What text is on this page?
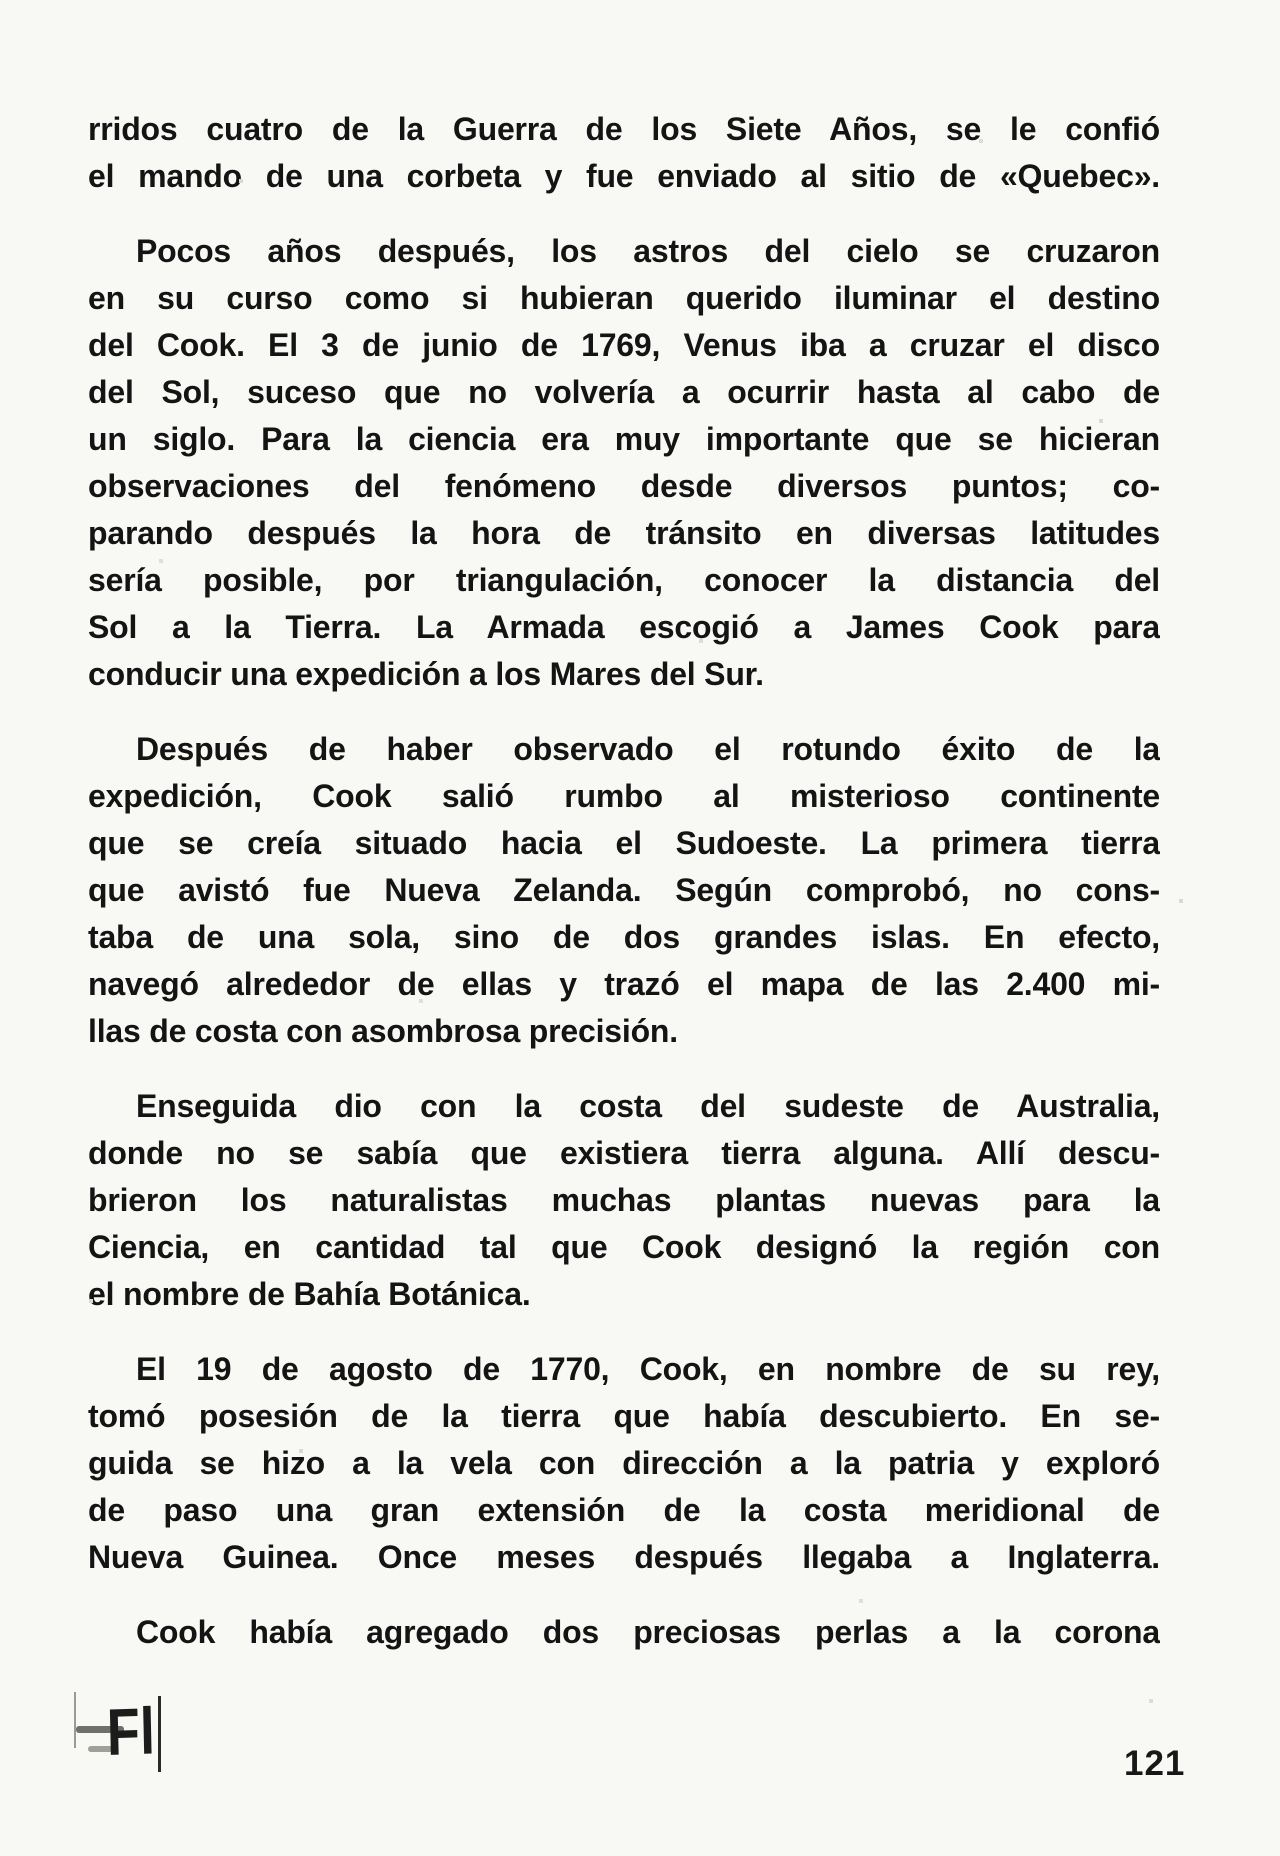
rridos cuatro de la Guerra de los Siete Años, se le confió
el mando de una corbeta y fue enviado al sitio de «Quebec».
Pocos años después, los astros del cielo se cruzaron
en su curso como si hubieran querido iluminar el destino
del Cook. El 3 de junio de 1769, Venus iba a cruzar el disco
del Sol, suceso que no volvería a ocurrir hasta al cabo de
un siglo. Para la ciencia era muy importante que se hicieran
observaciones del fenómeno desde diversos puntos; co-
parando después la hora de tránsito en diversas latitudes
sería posible, por triangulación, conocer la distancia del
Sol a la Tierra. La Armada escogió a James Cook para
conducir una expedición a los Mares del Sur.
Después de haber observado el rotundo éxito de la
expedición, Cook salió rumbo al misterioso continente
que se creía situado hacia el Sudoeste. La primera tierra
que avistó fue Nueva Zelanda. Según comprobó, no cons-
taba de una sola, sino de dos grandes islas. En efecto,
navegó alrededor de ellas y trazó el mapa de las 2.400 mi-
llas de costa con asombrosa precisión.
Enseguida dio con la costa del sudeste de Australia,
donde no se sabía que existiera tierra alguna. Allí descu-
brieron los naturalistas muchas plantas nuevas para la
Ciencia, en cantidad tal que Cook designó la región con
el nombre de Bahía Botánica.
El 19 de agosto de 1770, Cook, en nombre de su rey,
tomó posesión de la tierra que había descubierto. En se-
guida se hizo a la vela con dirección a la patria y exploró
de paso una gran extensión de la costa meridional de
Nueva Guinea. Once meses después llegaba a Inglaterra.
Cook había agregado dos preciosas perlas a la corona
Fl	121
